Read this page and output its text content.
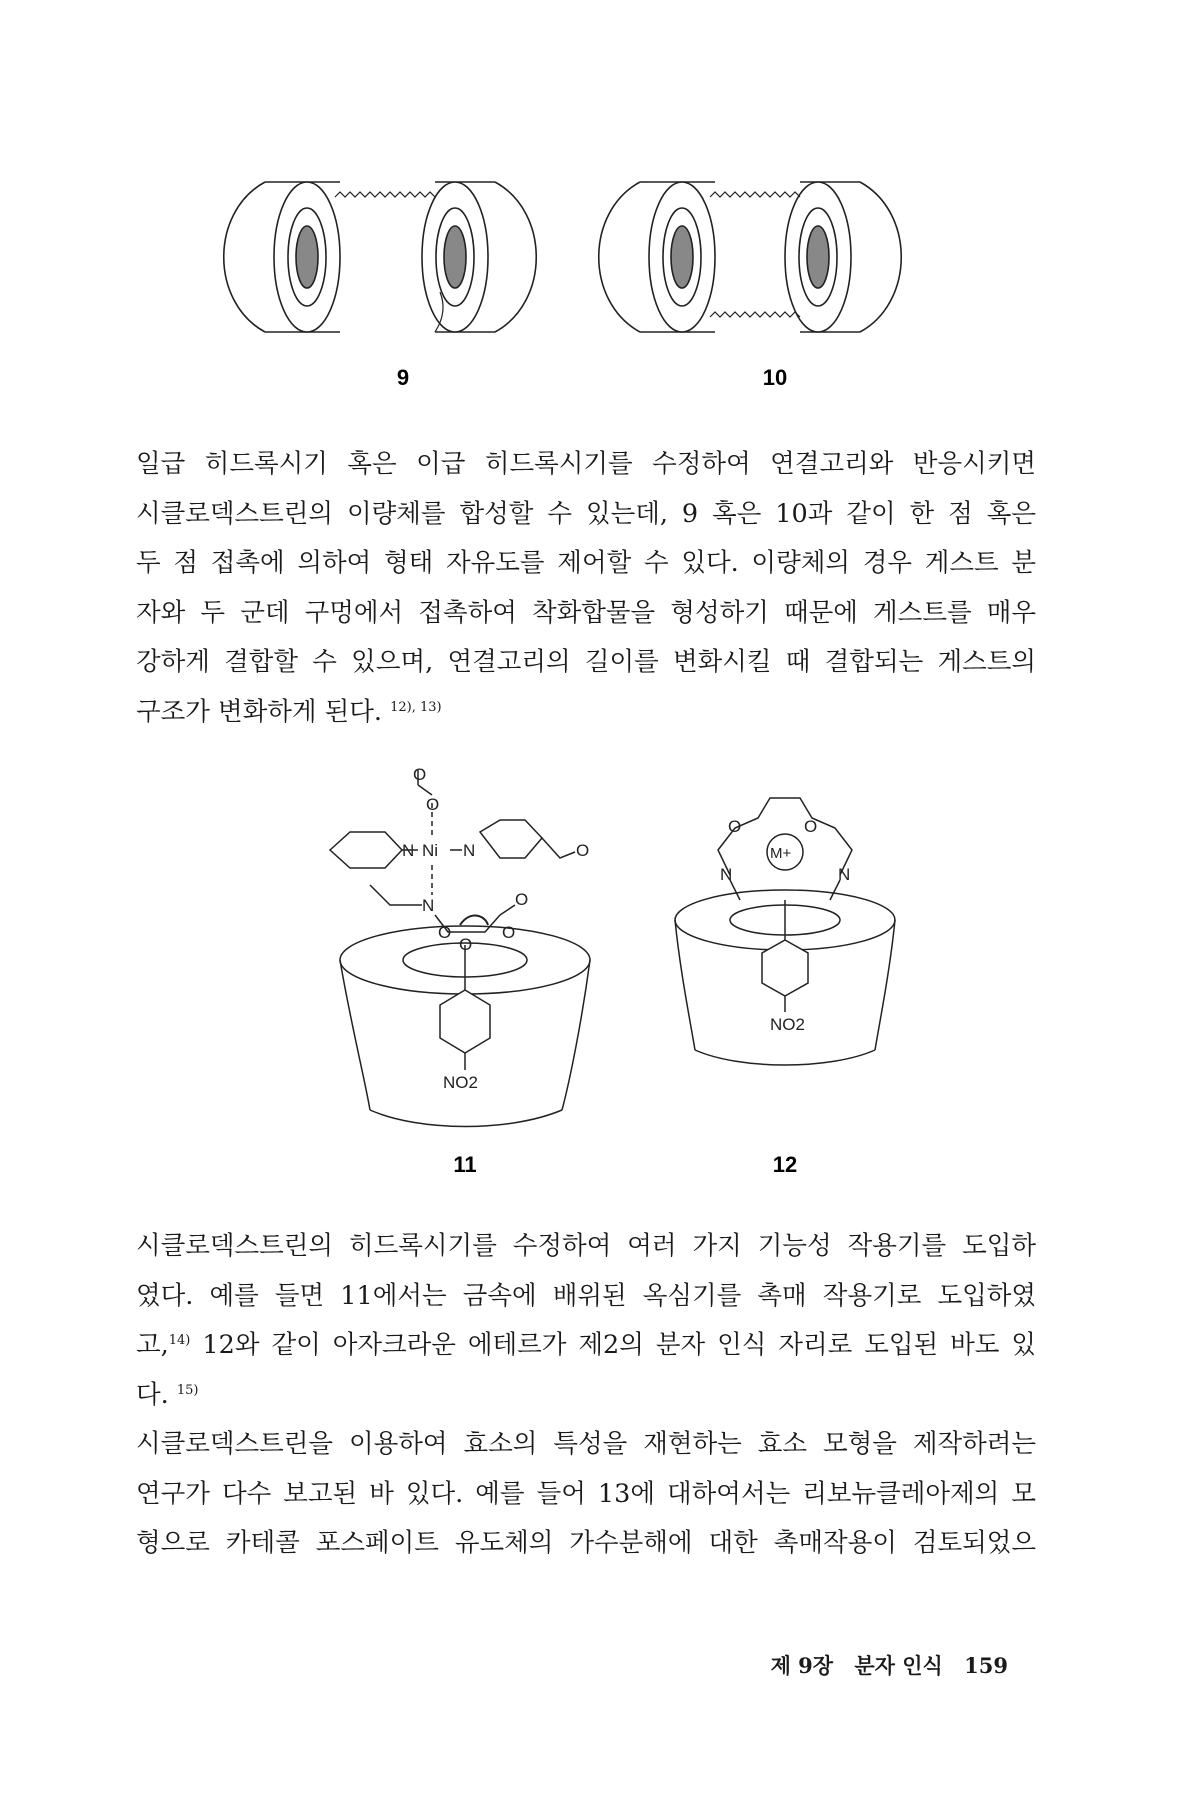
9	10

일급 히드록시기 혹은 이급 히드록시기를 수정하여 연결고리와 반응시키면
시클로덱스트린의 이량체를 합성할 수 있는데, 9 혹은 10과 같이 한 점 혹은
두 점 접촉에 의하여 형태 자유도를 제어할 수 있다. 이량체의 경우 게스트 분
자와 두 군데 구멍에서 접촉하여 착화합물을 형성하기 때문에 게스트를 매우
강하게 결합할 수 있으며, 연결고리의 길이를 변화시킬 때 결합되는 게스트의
구조가 변화하게 된다. $^{12), 13)}$

O
O
N Ni N	O
N
O	O
O
O
NO2
O	O
N	N
M+
NO2
11	12

시클로덱스트린의 히드록시기를 수정하여 여러 가지 기능성 작용기를 도입하
였다. 예를 들면 11에서는 금속에 배위된 옥심기를 촉매 작용기로 도입하였
고,$^{14)}$ 12와 같이 아자크라운 에테르가 제2의 분자 인식 자리로 도입된 바도 있
다. $^{15)}$

시클로덱스트린을 이용하여 효소의 특성을 재현하는 효소 모형을 제작하려는
연구가 다수 보고된 바 있다. 예를 들어 13에 대하여서는 리보뉴클레아제의 모
형으로 카테콜 포스페이트 유도체의 가수분해에 대한 촉매작용이 검토되었으

제 9장 분자 인식 159
